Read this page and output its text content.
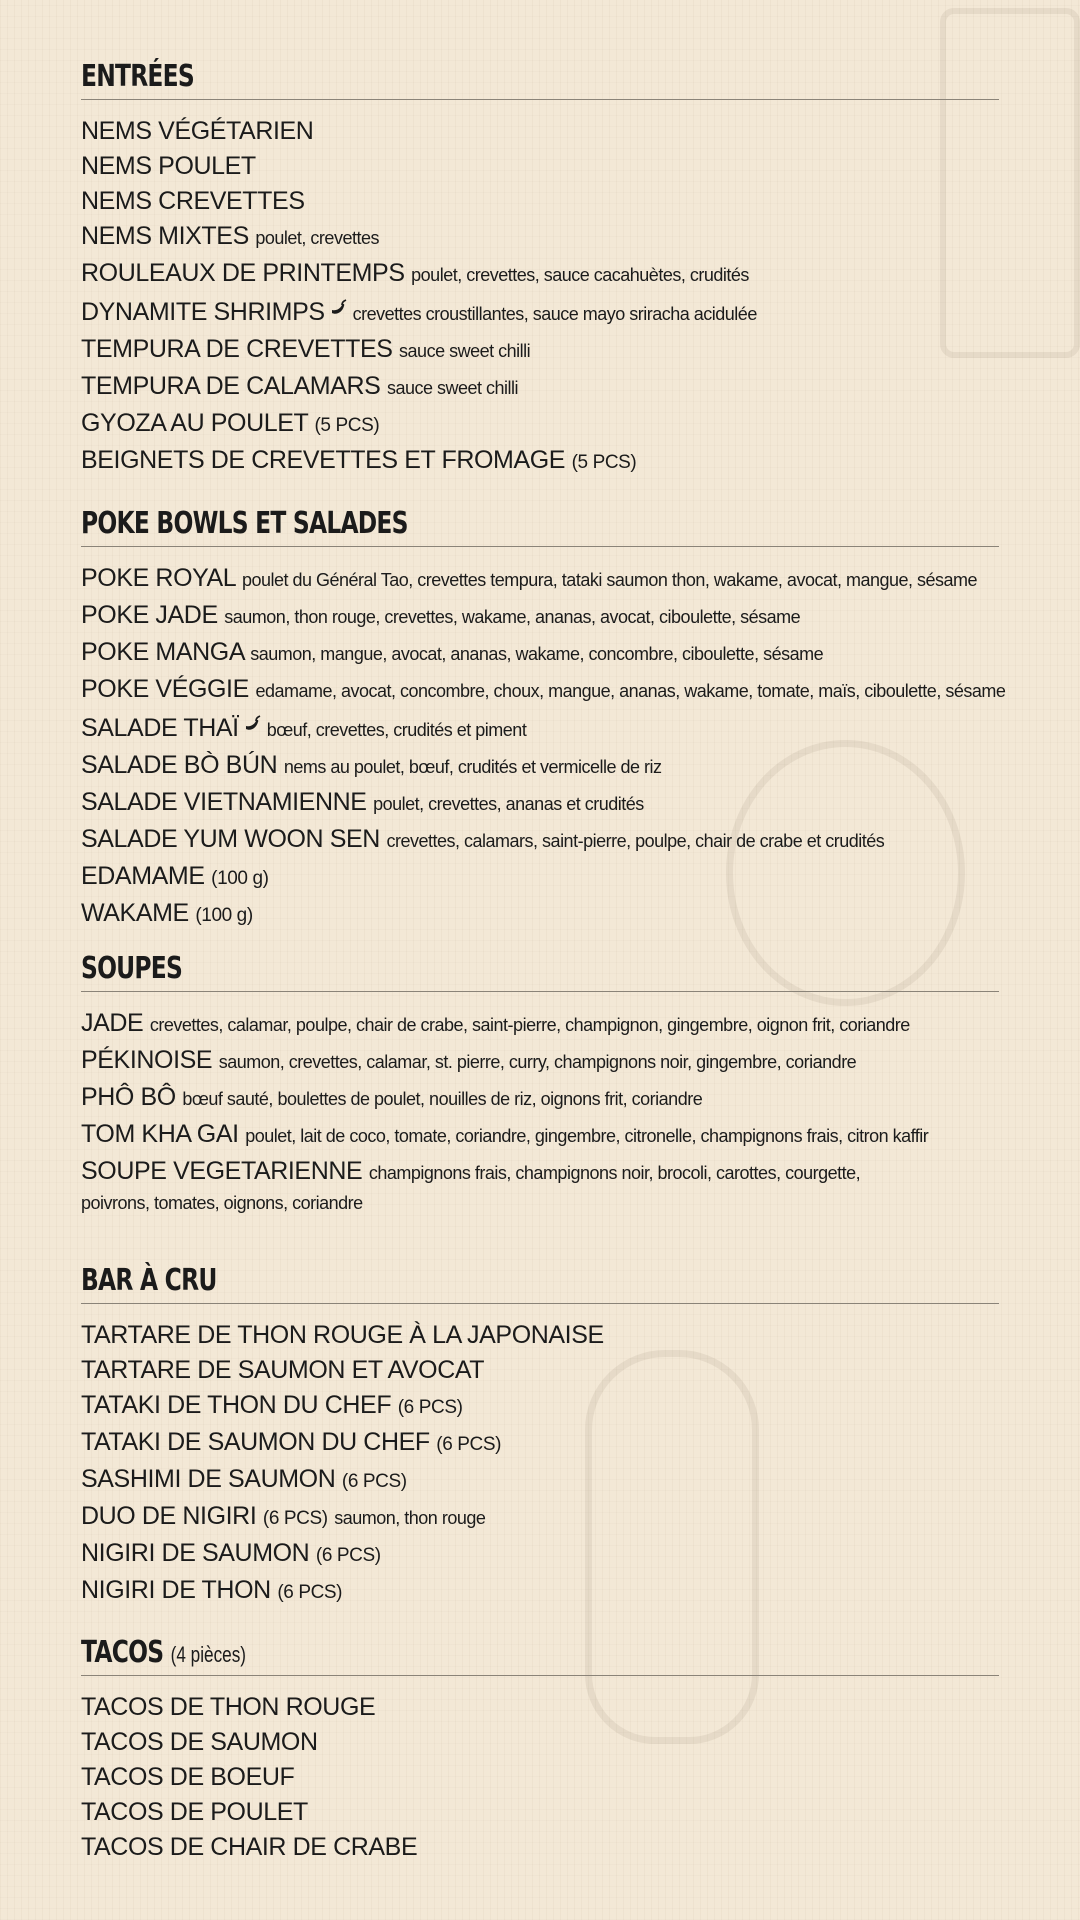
ENTRÉES
NEMS VÉGÉTARIEN
NEMS POULET
NEMS CREVETTES
NEMS MIXTES poulet, crevettes
ROULEAUX DE PRINTEMPS poulet, crevettes, sauce cacahuètes, crudités
DYNAMITE SHRIMPS crevettes croustillantes, sauce mayo sriracha acidulée
TEMPURA DE CREVETTES sauce sweet chilli
TEMPURA DE CALAMARS sauce sweet chilli
GYOZA AU POULET (5 PCS)
BEIGNETS DE CREVETTES ET FROMAGE (5 PCS)
POKE BOWLS ET SALADES
POKE ROYAL poulet du Général Tao, crevettes tempura, tataki saumon thon, wakame, avocat, mangue, sésame
POKE JADE saumon, thon rouge, crevettes, wakame, ananas, avocat, ciboulette, sésame
POKE MANGA saumon, mangue, avocat, ananas, wakame, concombre, ciboulette, sésame
POKE VÉGGIE edamame, avocat, concombre, choux, mangue, ananas, wakame, tomate, maïs, ciboulette, sésame
SALADE THAÏ bœuf, crevettes, crudités et piment
SALADE BÒ BÚN nems au poulet, bœuf, crudités et vermicelle de riz
SALADE VIETNAMIENNE poulet, crevettes, ananas et crudités
SALADE YUM WOON SEN crevettes, calamars, saint-pierre, poulpe, chair de crabe et crudités
EDAMAME (100 g)
WAKAME (100 g)
SOUPES
JADE crevettes, calamar, poulpe, chair de crabe, saint-pierre, champignon, gingembre, oignon frit, coriandre
PÉKINOISE saumon, crevettes, calamar, st. pierre, curry, champignons noir, gingembre, coriandre
PHÔ BÔ bœuf sauté, boulettes de poulet, nouilles de riz, oignons frit, coriandre
TOM KHA GAI poulet, lait de coco, tomate, coriandre, gingembre, citronelle, champignons frais, citron kaffir
SOUPE VEGETARIENNE champignons frais, champignons noir, brocoli, carottes, courgette,
poivrons, tomates, oignons, coriandre
BAR À CRU
TARTARE DE THON ROUGE À LA JAPONAISE
TARTARE DE SAUMON ET AVOCAT
TATAKI DE THON DU CHEF (6 PCS)
TATAKI DE SAUMON DU CHEF (6 PCS)
SASHIMI DE SAUMON (6 PCS)
DUO DE NIGIRI (6 PCS) saumon, thon rouge
NIGIRI DE SAUMON (6 PCS)
NIGIRI DE THON (6 PCS)
TACOS (4 pièces)
TACOS DE THON ROUGE
TACOS DE SAUMON
TACOS DE BOEUF
TACOS DE POULET
TACOS DE CHAIR DE CRABE
